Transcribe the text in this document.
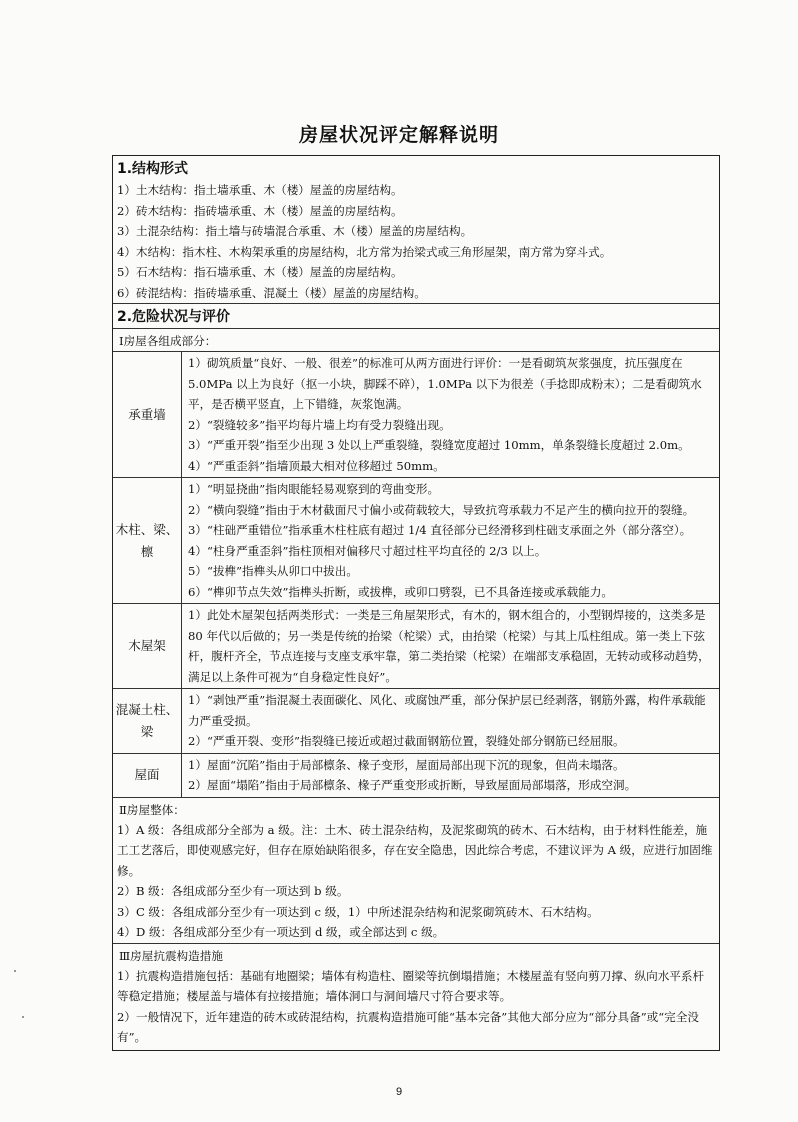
房屋状况评定解释说明
1.结构形式
1）土木结构：指土墙承重、木（楼）屋盖的房屋结构。
2）砖木结构：指砖墙承重、木（楼）屋盖的房屋结构。
3）土混杂结构：指土墙与砖墙混合承重、木（楼）屋盖的房屋结构。
4）木结构：指木柱、木构架承重的房屋结构，北方常为抬梁式或三角形屋架，南方常为穿斗式。
5）石木结构：指石墙承重、木（楼）屋盖的房屋结构。
6）砖混结构：指砖墙承重、混凝土（楼）屋盖的房屋结构。
2.危险状况与评价
Ⅰ房屋各组成部分：
承重墙
1）砌筑质量“良好、一般、很差”的标准可从两方面进行评价：一是看砌筑灰浆强度，抗压强度在 5.0MPa 以上为良好（抠一小块，脚踩不碎），1.0MPa 以下为很差（手捻即成粉末）；二是看砌筑水平，是否横平竖直，上下错缝，灰浆饱满。
2）“裂缝较多”指平均每片墙上均有受力裂缝出现。
3）“严重开裂”指至少出现 3 处以上严重裂缝，裂缝宽度超过 10mm，单条裂缝长度超过 2.0m。
4）“严重歪斜”指墙顶最大相对位移超过 50mm。
木柱、梁、檩
1）“明显挠曲”指肉眼能轻易观察到的弯曲变形。
2）“横向裂缝”指由于木材截面尺寸偏小或荷载较大，导致抗弯承载力不足产生的横向拉开的裂缝。
3）“柱础严重错位”指承重木柱柱底有超过 1/4 直径部分已经滑移到柱础支承面之外（部分落空）。
4）“柱身严重歪斜”指柱顶相对偏移尺寸超过柱平均直径的 2/3 以上。
5）“拔榫”指榫头从卯口中拔出。
6）“榫卯节点失效”指榫头折断，或拔榫，或卯口劈裂，已不具备连接或承载能力。
木屋架
1）此处木屋架包括两类形式：一类是三角屋架形式，有木的，钢木组合的，小型钢焊接的，这类多是 80 年代以后做的；另一类是传统的抬梁（柁梁）式，由抬梁（柁梁）与其上瓜柱组成。第一类上下弦杆，腹杆齐全，节点连接与支座支承牢靠，第二类抬梁（柁梁）在端部支承稳固，无转动或移动趋势，满足以上条件可视为“自身稳定性良好”。
混凝土柱、梁
1）“剥蚀严重”指混凝土表面碳化、风化、或腐蚀严重，部分保护层已经剥落，钢筋外露，构件承载能力严重受损。
2）“严重开裂、变形”指裂缝已接近或超过截面钢筋位置，裂缝处部分钢筋已经屈服。
屋面
1）屋面“沉陷”指由于局部檩条、椽子变形，屋面局部出现下沉的现象，但尚未塌落。
2）屋面“塌陷”指由于局部檩条、椽子严重变形或折断，导致屋面局部塌落，形成空洞。
Ⅱ房屋整体：
1）A 级：各组成部分全部为 a 级。注：土木、砖土混杂结构，及泥浆砌筑的砖木、石木结构，由于材料性能差，施工工艺落后，即使观感完好，但存在原始缺陷很多，存在安全隐患，因此综合考虑，不建议评为 A 级，应进行加固维修。
2）B 级：各组成部分至少有一项达到 b 级。
3）C 级：各组成部分至少有一项达到 c 级，1）中所述混杂结构和泥浆砌筑砖木、石木结构。
4）D 级：各组成部分至少有一项达到 d 级，或全部达到 c 级。
Ⅲ房屋抗震构造措施
1）抗震构造措施包括：基础有地圈梁；墙体有构造柱、圈梁等抗倒塌措施；木楼屋盖有竖向剪刀撑、纵向水平系杆等稳定措施；楼屋盖与墙体有拉接措施；墙体洞口与洞间墙尺寸符合要求等。
2）一般情况下，近年建造的砖木或砖混结构，抗震构造措施可能“基本完备”其他大部分应为“部分具备”或“完全没有”。
9
